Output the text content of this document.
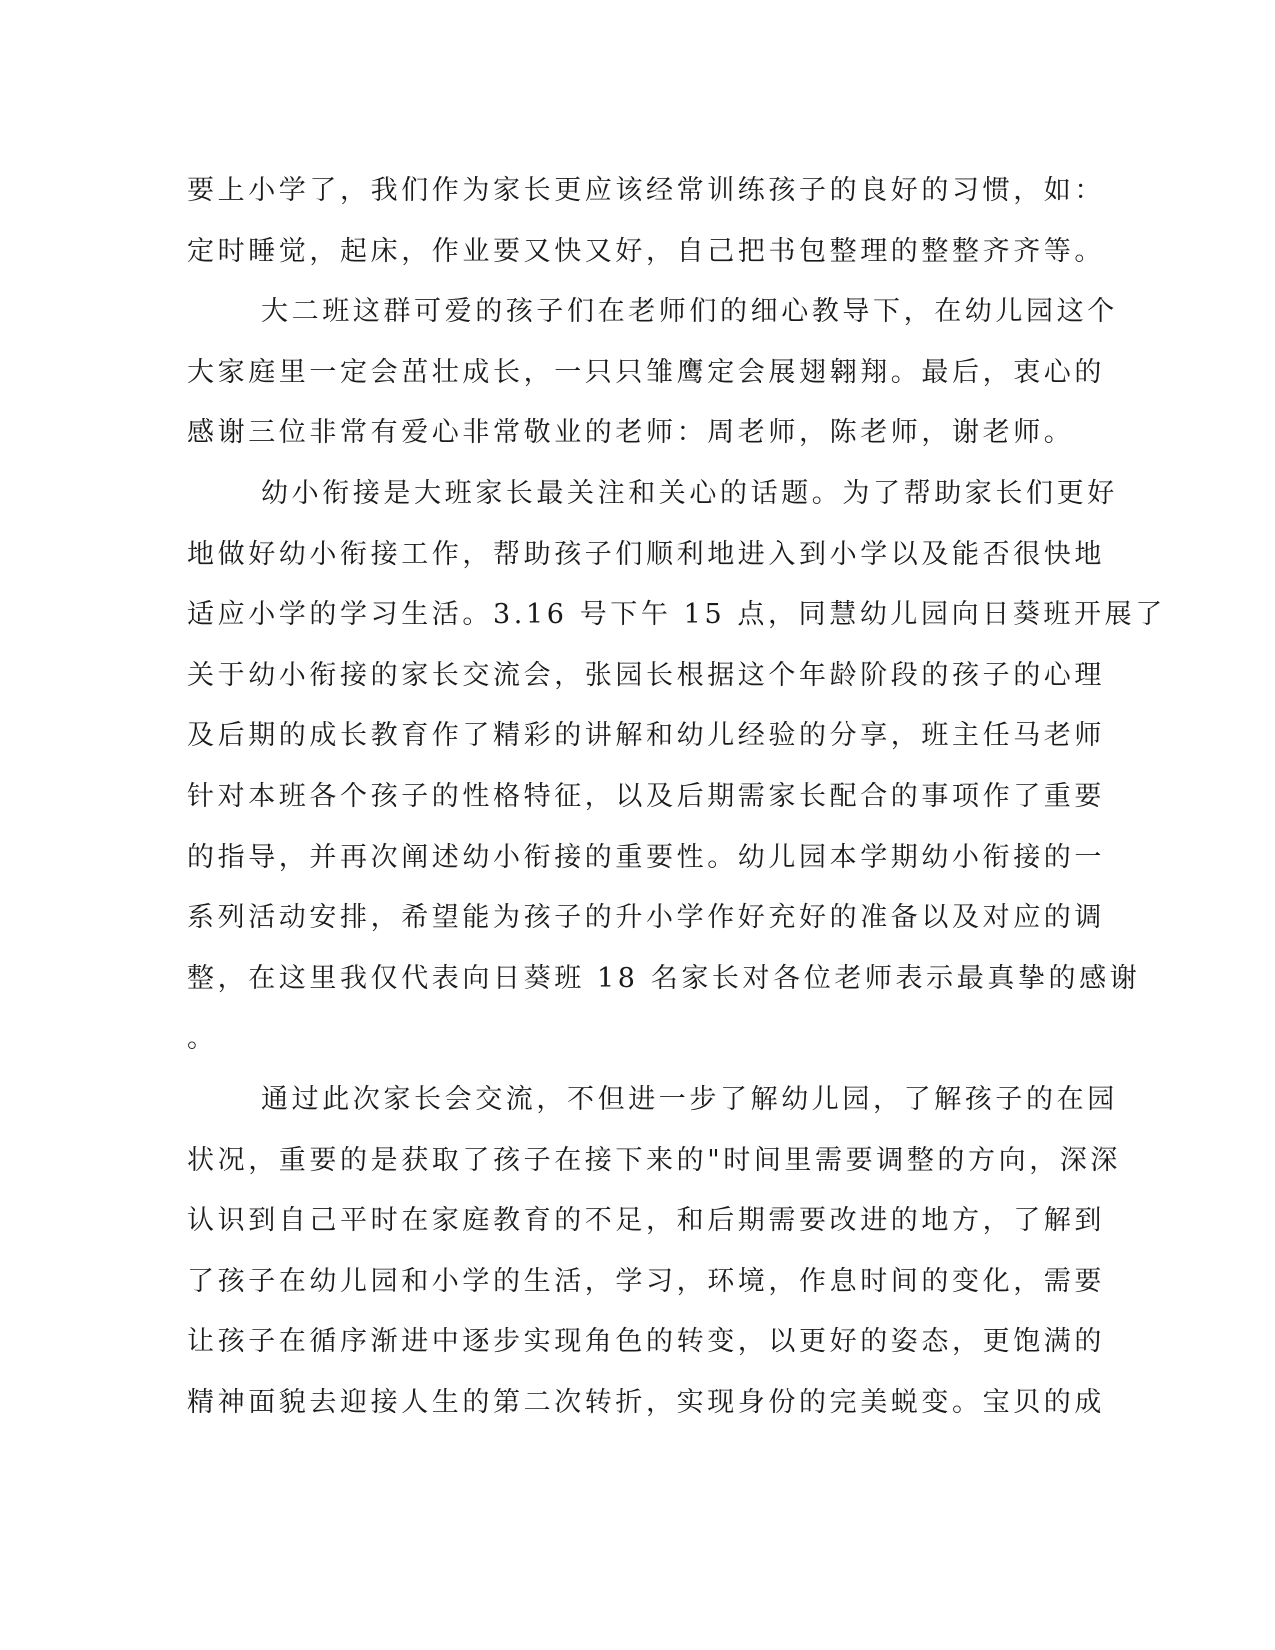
要上小学了，我们作为家长更应该经常训练孩子的良好的习惯，如：
定时睡觉，起床，作业要又快又好，自己把书包整理的整整齐齐等。
大二班这群可爱的孩子们在老师们的细心教导下，在幼儿园这个
大家庭里一定会茁壮成长，一只只雏鹰定会展翅翱翔。最后，衷心的
感谢三位非常有爱心非常敬业的老师：周老师，陈老师，谢老师。
幼小衔接是大班家长最关注和关心的话题。为了帮助家长们更好
地做好幼小衔接工作，帮助孩子们顺利地进入到小学以及能否很快地
适应小学的学习生活。3.16 号下午 15 点，同慧幼儿园向日葵班开展了
关于幼小衔接的家长交流会，张园长根据这个年龄阶段的孩子的心理
及后期的成长教育作了精彩的讲解和幼儿经验的分享，班主任马老师
针对本班各个孩子的性格特征，以及后期需家长配合的事项作了重要
的指导，并再次阐述幼小衔接的重要性。幼儿园本学期幼小衔接的一
系列活动安排，希望能为孩子的升小学作好充好的准备以及对应的调
整，在这里我仅代表向日葵班 18 名家长对各位老师表示最真挚的感谢
。
通过此次家长会交流，不但进一步了解幼儿园，了解孩子的在园
状况，重要的是获取了孩子在接下来的"时间里需要调整的方向，深深
认识到自己平时在家庭教育的不足，和后期需要改进的地方，了解到
了孩子在幼儿园和小学的生活，学习，环境，作息时间的变化，需要
让孩子在循序渐进中逐步实现角色的转变，以更好的姿态，更饱满的
精神面貌去迎接人生的第二次转折，实现身份的完美蜕变。宝贝的成
